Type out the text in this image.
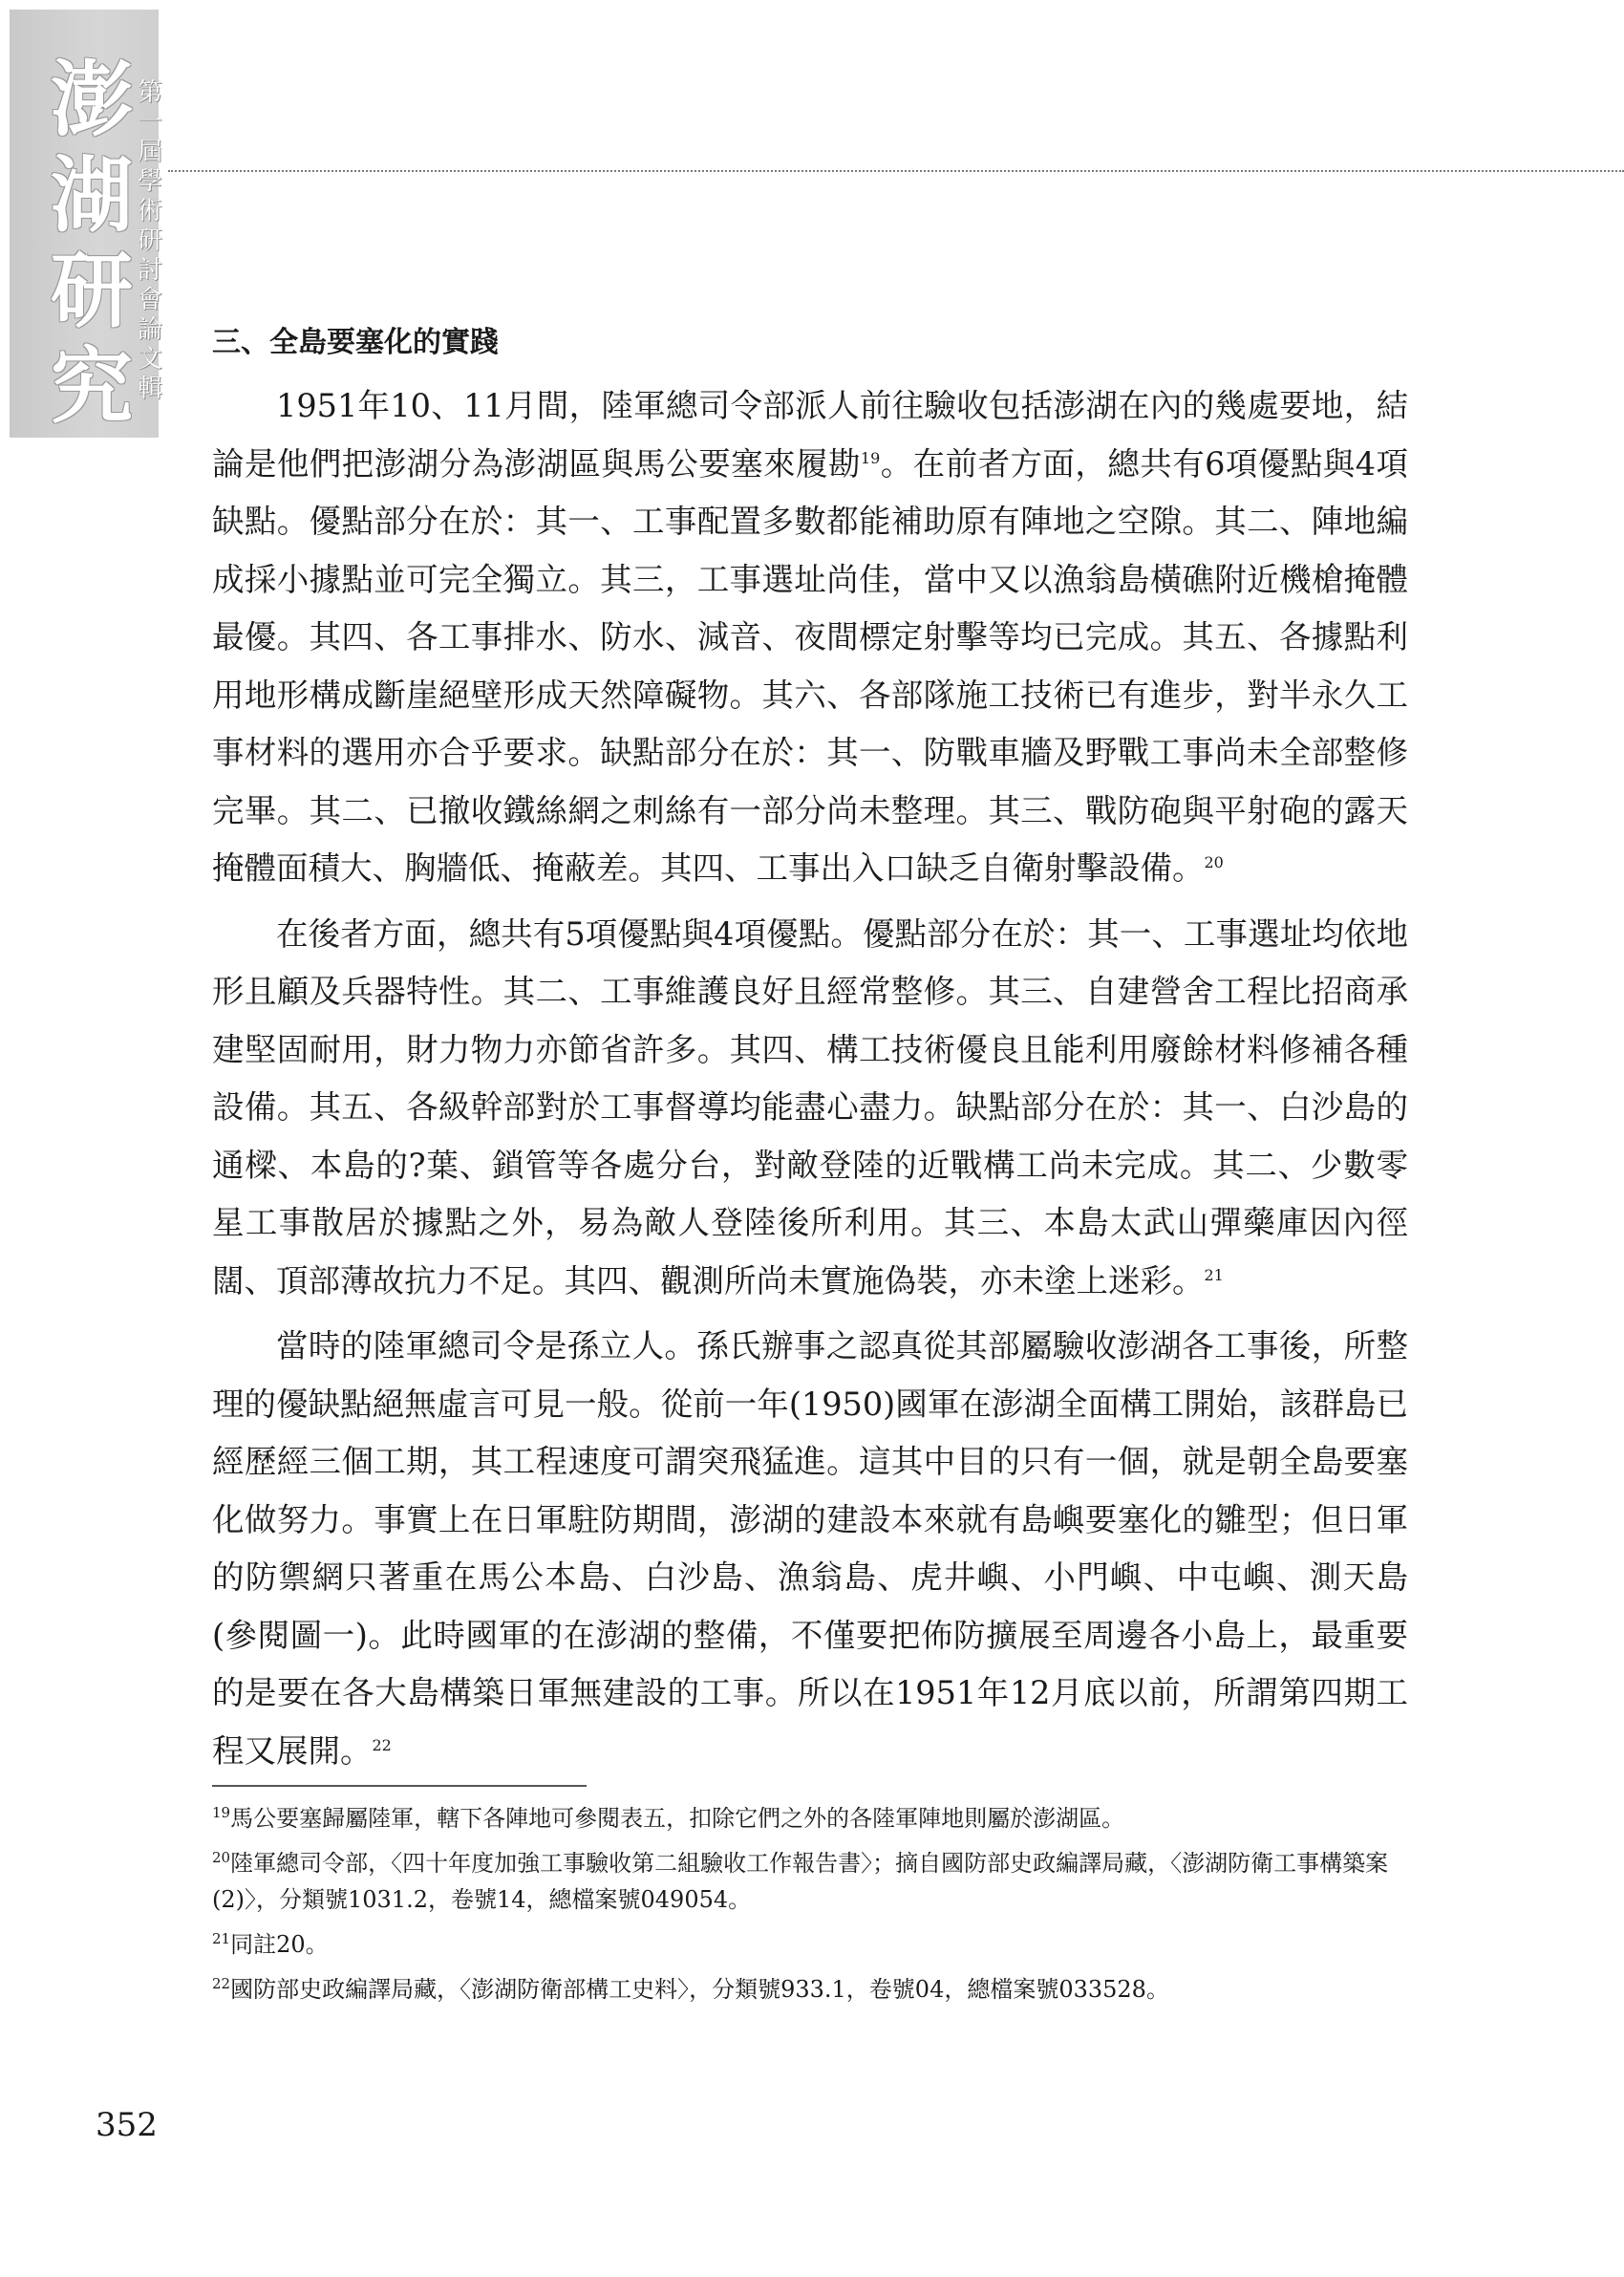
澎湖研究
第一屆學術研討會論文輯
三、全島要塞化的實踐

1951年10、11月間，陸軍總司令部派人前往驗收包括澎湖在內的幾處要地，結論是他們把澎湖分為澎湖區與馬公要塞來履勘$^{19}$。在前者方面，總共有6項優點與4項缺點。優點部分在於：其一、工事配置多數都能補助原有陣地之空隙。其二、陣地編成採小據點並可完全獨立。其三，工事選址尚佳，當中又以漁翁島橫礁附近機槍掩體最優。其四、各工事排水、防水、減音、夜間標定射擊等均已完成。其五、各據點利用地形構成斷崖絕壁形成天然障礙物。其六、各部隊施工技術已有進步，對半永久工事材料的選用亦合乎要求。缺點部分在於：其一、防戰車牆及野戰工事尚未全部整修完畢。其二、已撤收鐵絲網之刺絲有一部分尚未整理。其三、戰防砲與平射砲的露天掩體面積大、胸牆低、掩蔽差。其四、工事出入口缺乏自衛射擊設備。$^{20}$

在後者方面，總共有5項優點與4項優點。優點部分在於：其一、工事選址均依地形且顧及兵器特性。其二、工事維護良好且經常整修。其三、自建營舍工程比招商承建堅固耐用，財力物力亦節省許多。其四、構工技術優良且能利用廢餘材料修補各種設備。其五、各級幹部對於工事督導均能盡心盡力。缺點部分在於：其一、白沙島的通樑、本島的?葉、鎖管等各處分台，對敵登陸的近戰構工尚未完成。其二、少數零星工事散居於據點之外，易為敵人登陸後所利用。其三、本島太武山彈藥庫因內徑闊、頂部薄故抗力不足。其四、觀測所尚未實施偽裝，亦未塗上迷彩。$^{21}$

當時的陸軍總司令是孫立人。孫氏辦事之認真從其部屬驗收澎湖各工事後，所整理的優缺點絕無虛言可見一般。從前一年(1950)國軍在澎湖全面構工開始，該群島已經歷經三個工期，其工程速度可謂突飛猛進。這其中目的只有一個，就是朝全島要塞化做努力。事實上在日軍駐防期間，澎湖的建設本來就有島嶼要塞化的雛型；但日軍的防禦網只著重在馬公本島、白沙島、漁翁島、虎井嶼、小門嶼、中屯嶼、測天島(參閱圖一)。此時國軍的在澎湖的整備，不僅要把佈防擴展至周邊各小島上，最重要的是要在各大島構築日軍無建設的工事。所以在1951年12月底以前，所謂第四期工程又展開。$^{22}$

$^{19}$馬公要塞歸屬陸軍，轄下各陣地可參閱表五，扣除它們之外的各陸軍陣地則屬於澎湖區。
$^{20}$陸軍總司令部，〈四十年度加強工事驗收第二組驗收工作報告書〉；摘自國防部史政編譯局藏，〈澎湖防衛工事構築案(2)〉，分類號1031.2，卷號14，總檔案號049054。
$^{21}$同註20。
$^{22}$國防部史政編譯局藏，〈澎湖防衛部構工史料〉，分類號933.1，卷號04，總檔案號033528。
352
